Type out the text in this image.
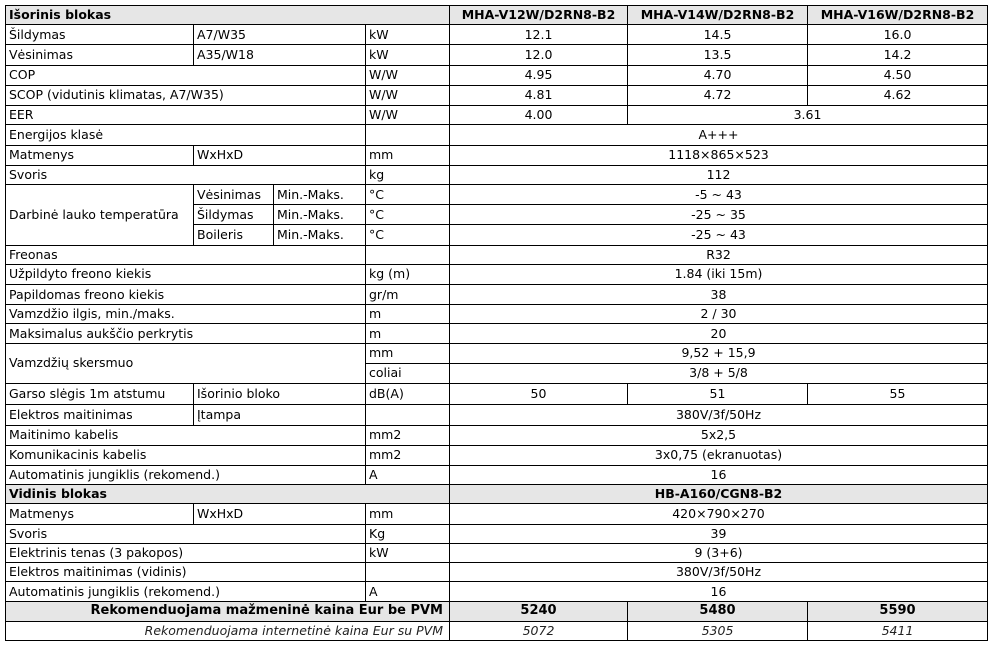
Išorinis blokas				MHA-V12W/D2RN8-B2	MHA-V14W/D2RN8-B2	MHA-V16W/D2RN8-B2
Šildymas	A7/W35		kW	12.1	14.5	16.0
Vėsinimas	A35/W18		kW	12.0	13.5	14.2
COP			W/W	4.95	4.70	4.50
SCOP (vidutinis klimatas, A7/W35)			W/W	4.81	4.72	4.62
EER			W/W	4.00	3.61	
Energijos klasė				A+++		
Matmenys	WxHxD		mm	1118×865×523		
Svoris			kg	112		
Darbinė lauko temperatūra	Vėsinimas	Min.-Maks.	°C	-5 ~ 43		
	Šildymas	Min.-Maks.	°C	-25 ~ 35		
	Boileris	Min.-Maks.	°C	-25 ~ 43		
Freonas				R32		
Užpildyto freono kiekis			kg (m)	1.84 (iki 15m)		
Papildomas freono kiekis			gr/m	38		
Vamzdžio ilgis, min./maks.			m	2 / 30		
Maksimalus aukščio perkrytis			m	20		
Vamzdžių skersmuo			mm	9,52 + 15,9		
			coliai	3/8 + 5/8		
Garso slėgis 1m atstumu	Išorinio bloko		dB(A)	50	51	55
Elektros maitinimas	Įtampa			380V/3f/50Hz		
Maitinimo kabelis			mm2	5x2,5		
Komunikacinis kabelis			mm2	3x0,75 (ekranuotas)		
Automatinis jungiklis (rekomend.)			A	16		
Vidinis blokas				HB-A160/CGN8-B2		
Matmenys	WxHxD		mm	420×790×270		
Svoris			Kg	39		
Elektrinis tenas (3 pakopos)			kW	9 (3+6)		
Elektros maitinimas (vidinis)				380V/3f/50Hz		
Automatinis jungiklis (rekomend.)			A	16		
Rekomenduojama mažmeninė kaina Eur be PVM				5240	5480	5590
Rekomenduojama internetinė kaina Eur su PVM				5072	5305	5411
